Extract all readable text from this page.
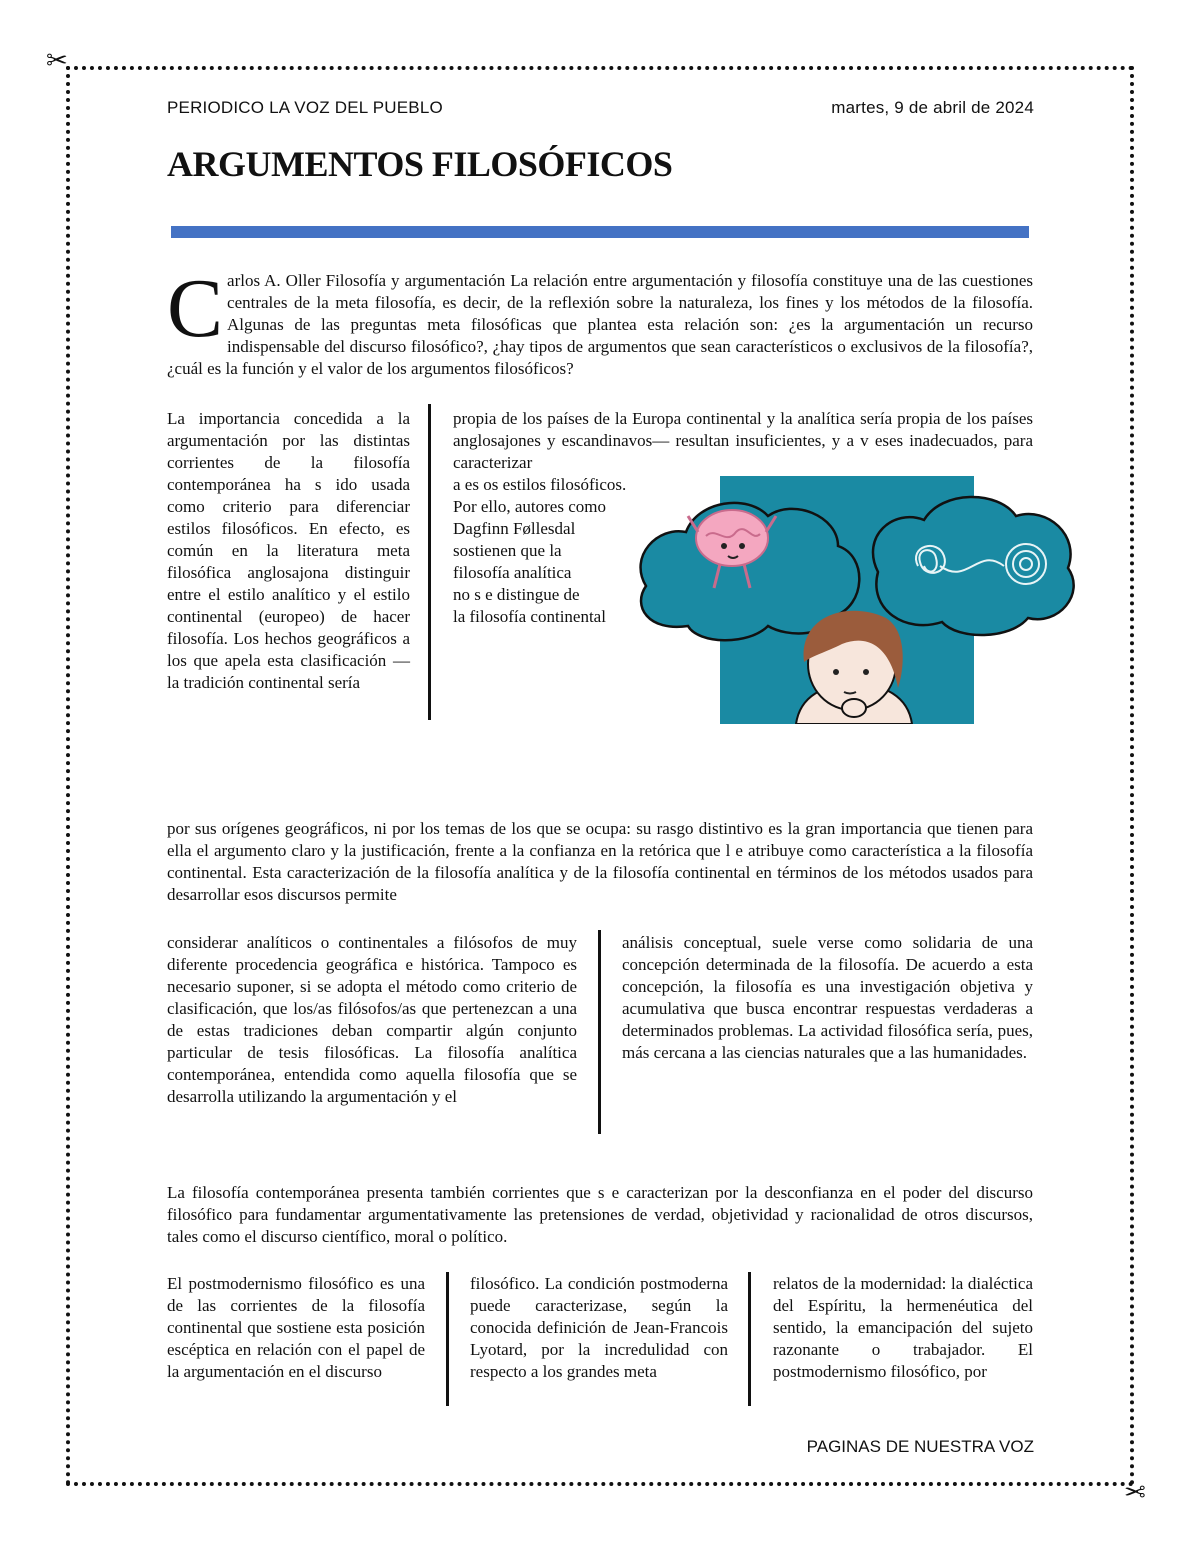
✂
✂
PERIODICO LA VOZ DEL PUEBLO	martes, 9 de abril de 2024
ARGUMENTOS FILOSÓFICOS

Carlos A. Oller Filosofía y argumentación La relación entre argumentación y filosofía constituye una de las cuestiones centrales de la meta filosofía, es decir, de la reflexión sobre la naturaleza, los fines y los métodos de la filosofía. Algunas de las preguntas meta filosóficas que plantea esta relación son: ¿es la argumentación un recurso indispensable del discurso filosófico?, ¿hay tipos de argumentos que sean característicos o exclusivos de la filosofía?,¿cuál es la función y el valor de los argumentos filosóficos?

La importancia concedida a la argumentación por las distintas corrientes de la filosofía contemporánea ha s ido usada como criterio para diferenciar estilos filosóficos. En efecto, es común en la literatura meta filosófica anglosajona distinguir entre el estilo analítico y el estilo continental (europeo) de hacer filosofía. Los hechos geográficos a los que apela esta clasificación — la tradición continental sería

propia de los países de la Europa continental y la analítica sería propia de los países anglosajones y escandinavos— resultan insuficientes, y a v eses inadecuados, para caracterizar

a es os estilos filosóficos.
Por ello, autores como
Dagfinn Føllesdal
sostienen que la
filosofía analítica
no s e distingue de
la filosofía continental

por sus orígenes geográficos, ni por los temas de los que se ocupa: su rasgo distintivo es la gran importancia que tienen para ella el argumento claro y la justificación, frente a la confianza en la retórica que l e atribuye como característica a la filosofía continental. Esta caracterización de la filosofía analítica y de la filosofía continental en términos de los métodos usados para desarrollar esos discursos permite

considerar analíticos o continentales a filósofos de muy diferente procedencia geográfica e histórica. Tampoco es necesario suponer, si se adopta el método como criterio de clasificación, que los/as filósofos/as que pertenezcan a una de estas tradiciones deban compartir algún conjunto particular de tesis filosóficas. La filosofía analítica contemporánea, entendida como aquella filosofía que se desarrolla utilizando la argumentación y el

análisis conceptual, suele verse como solidaria de una concepción determinada de la filosofía. De acuerdo a esta concepción, la filosofía es una investigación objetiva y acumulativa que busca encontrar respuestas verdaderas a determinados problemas. La actividad filosófica sería, pues, más cercana a las ciencias naturales que a las humanidades.

La filosofía contemporánea presenta también corrientes que s e caracterizan por la desconfianza en el poder del discurso filosófico para fundamentar argumentativamente las pretensiones de verdad, objetividad y racionalidad de otros discursos, tales como el discurso científico, moral o político.

El postmodernismo filosófico es una de las corrientes de la filosofía continental que sostiene esta posición escéptica en relación con el papel de la argumentación en el discurso

filosófico. La condición postmoderna puede caracterizase, según la conocida definición de Jean-Francois Lyotard, por la incredulidad con respecto a los grandes meta

relatos de la modernidad: la dialéctica del Espíritu, la hermenéutica del sentido, la emancipación del sujeto razonante o trabajador. El postmodernismo filosófico, por

PAGINAS DE NUESTRA VOZ
